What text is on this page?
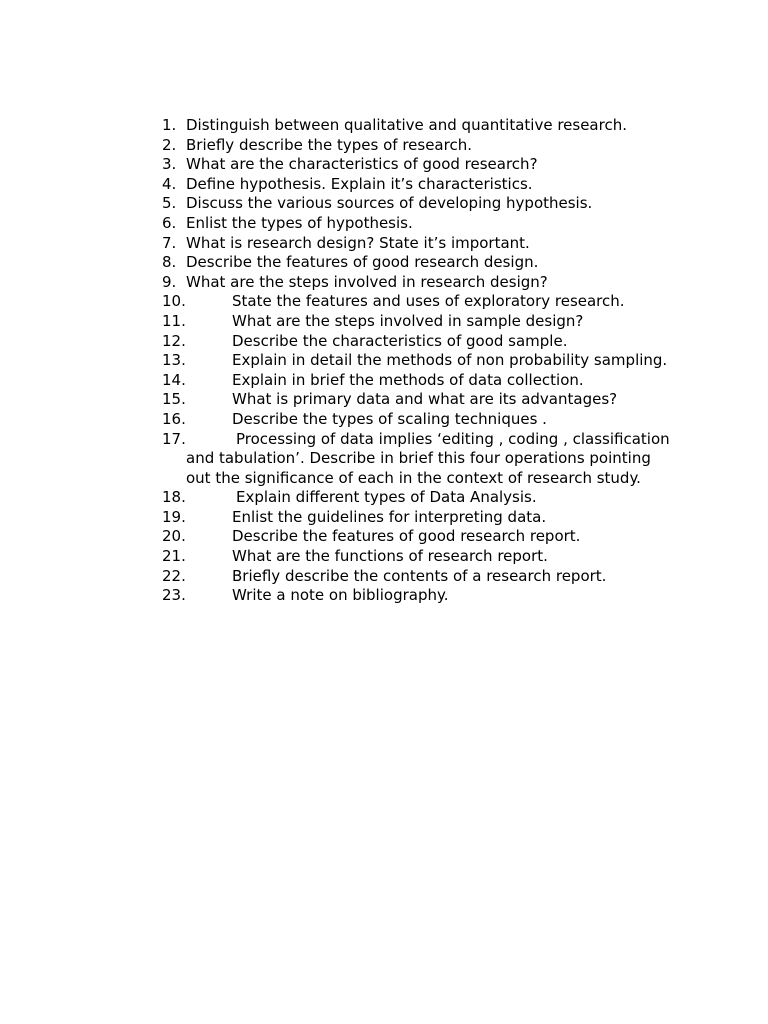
1. Distinguish between qualitative and quantitative research.
2. Briefly describe the types of research.
3. What are the characteristics of good research?
4. Define hypothesis. Explain it’s characteristics.
5. Discuss the various sources of developing hypothesis.
6. Enlist the types of hypothesis.
7. What is research design? State it’s important.
8. Describe the features of good research design.
9. What are the steps involved in research design?
10.	State the features and uses of exploratory research.
11.	What are the steps involved in sample design?
12.	Describe the characteristics of good sample.
13.	Explain in detail the methods of non probability sampling.
14.	Explain in brief the methods of data collection.
15.	What is primary data and what are its advantages?
16.	Describe the types of scaling techniques .
17.	Processing of data implies ‘editing , coding , classification and tabulation’. Describe in brief this four operations pointing out the significance of each in the context of research study.
18.	Explain different types of Data Analysis.
19.	Enlist the guidelines for interpreting data.
20.	Describe the features of good research report.
21.	What are the functions of research report.
22.	Briefly describe the contents of a research report.
23.	Write a note on bibliography.
